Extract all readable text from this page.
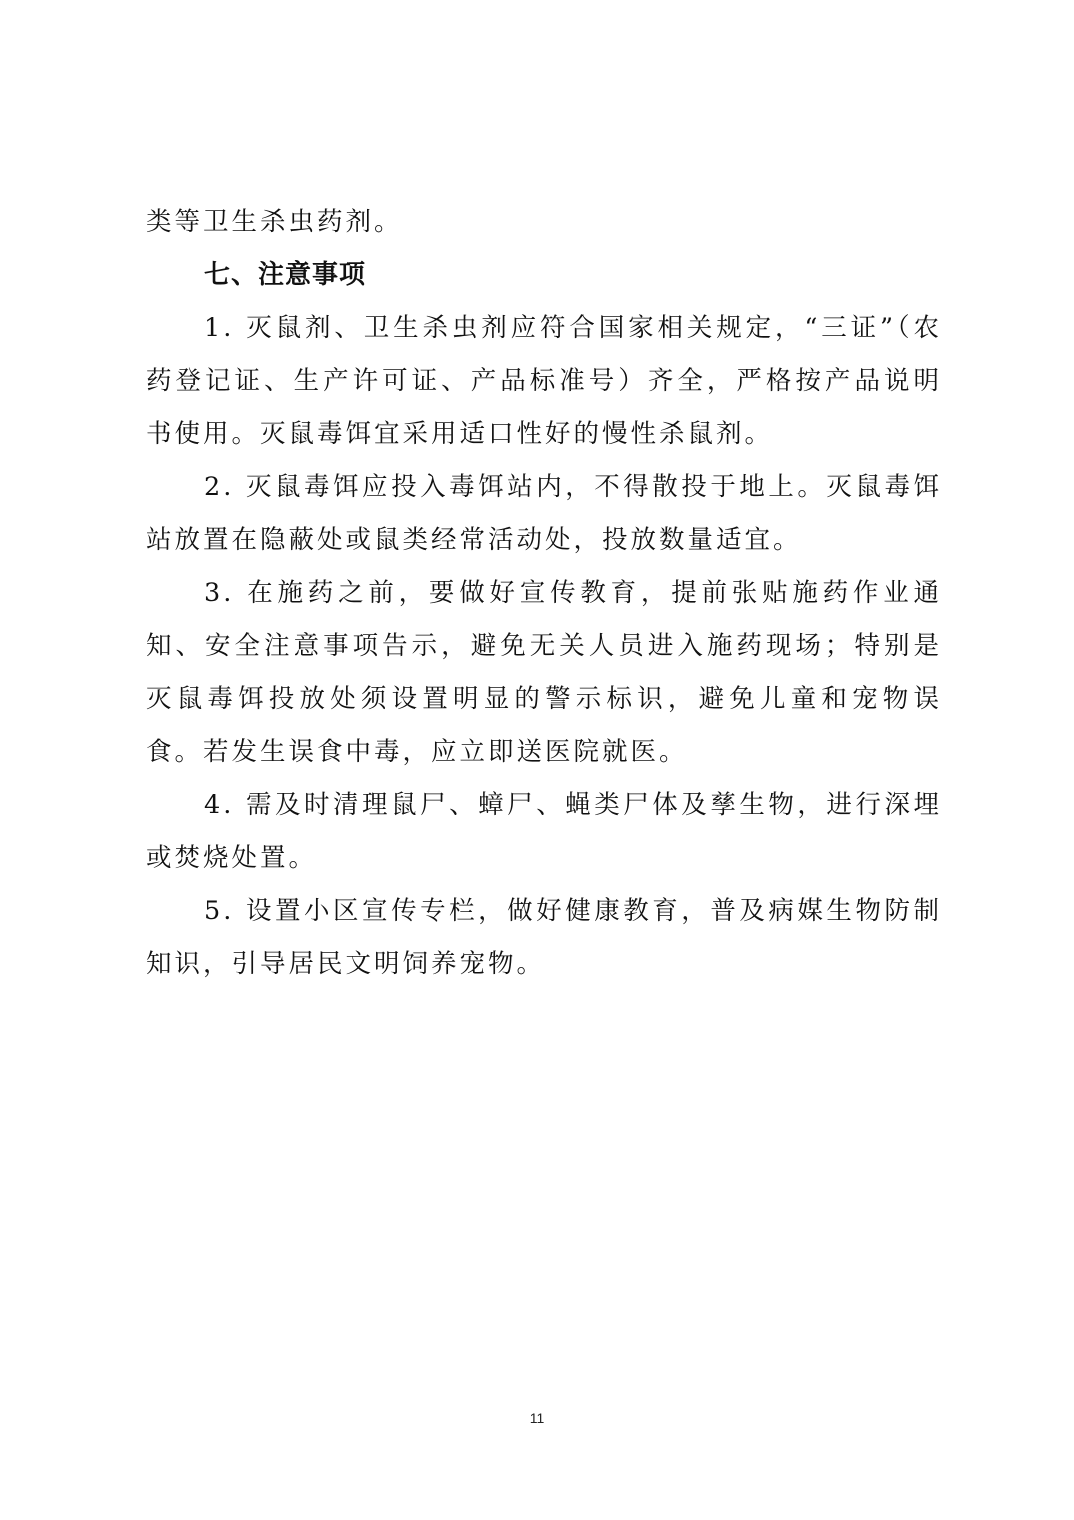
类等卫生杀虫药剂。

七、注意事项

1. 灭鼠剂、卫生杀虫剂应符合国家相关规定，“三证”（农药登记证、生产许可证、产品标准号）齐全，严格按产品说明书使用。灭鼠毒饵宜采用适口性好的慢性杀鼠剂。

2. 灭鼠毒饵应投入毒饵站内，不得散投于地上。灭鼠毒饵站放置在隐蔽处或鼠类经常活动处，投放数量适宜。

3. 在施药之前，要做好宣传教育，提前张贴施药作业通知、安全注意事项告示，避免无关人员进入施药现场；特别是灭鼠毒饵投放处须设置明显的警示标识，避免儿童和宠物误食。若发生误食中毒，应立即送医院就医。

4. 需及时清理鼠尸、蟑尸、蝇类尸体及孳生物，进行深埋或焚烧处置。

5. 设置小区宣传专栏，做好健康教育，普及病媒生物防制知识，引导居民文明饲养宠物。

11
